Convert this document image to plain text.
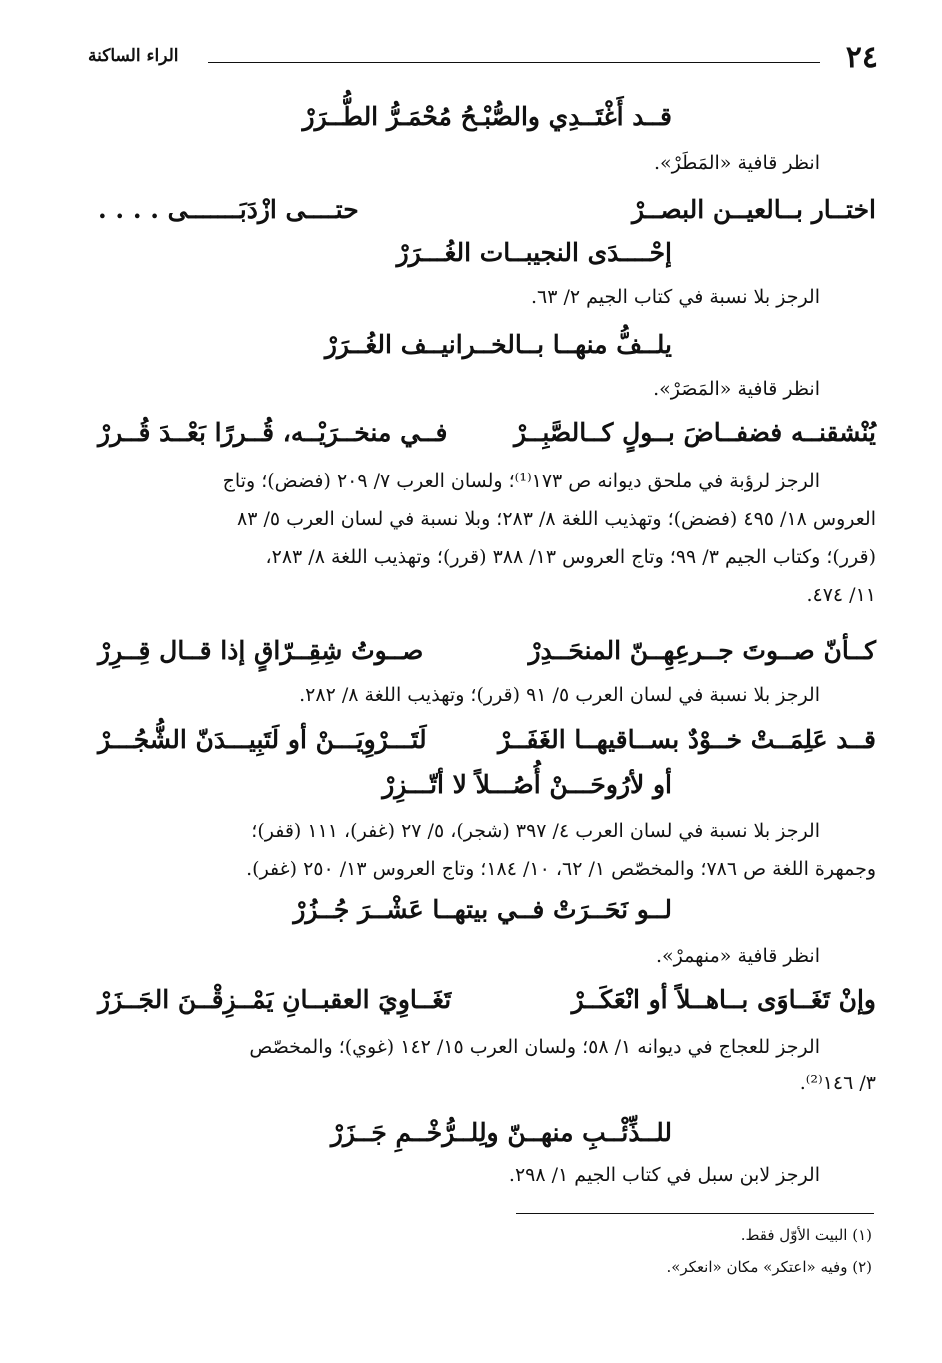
٢٤
الراء الساكنة
قــد أَغْتَــدِي والصُّبْـحُ مُحْمَـرُّ الطُّــرَرْ
انظر قافية «المَطَرْ».
اختــار بــالعيــن البصــرْ
حتــــى ازْدَبَـــــــى . . . .
إحْــــدَى النجيبــات الغُـــرَرْ
الرجز بلا نسبة في كتاب الجيم ٢/ ٦٣.
يلــفُّ منهــا بــالخــرانيــف الغُــرَرْ
انظر قافية «المَصَرْ».
يُنْشقنــه فضفــاضَ بــولٍ كــالصَّبِــرْ
فــي منخــرَيْــه، قُــررًا بَعْــدَ قُــررْ
الرجز لرؤبة في ملحق ديوانه ص ١٧٣⁽¹⁾؛ ولسان العرب ٧/ ٢٠٩ (فضض)؛ وتاج
العروس ١٨/ ٤٩٥ (فضض)؛ وتهذيب اللغة ٨/ ٢٨٣؛ وبلا نسبة في لسان العرب ٥/ ٨٣
(قرر)؛ وكتاب الجيم ٣/ ٩٩؛ وتاج العروس ١٣/ ٣٨٨ (قرر)؛ وتهذيب اللغة ٨/ ٢٨٣،
١١/ ٤٧٤.
كــأنّ صــوتَ جــرعِهِــنّ المنحَــدِرْ
صــوتُ شِقِــرّاقٍ إذا قــال قِــرِرْ
الرجز بلا نسبة في لسان العرب ٥/ ٩١ (قرر)؛ وتهذيب اللغة ٨/ ٢٨٢.
قــد عَلِمَــتْ خــوْدٌ بســاقيهــا الغَفَــرْ
لَتَـــرْوِيَـــنْ أو لَتَبِيـــدَنّ الشُّجُـــرْ
أو لأرُوحَـــنْ أُصُـــلاً لا أتّـــزِرْ
الرجز بلا نسبة في لسان العرب ٤/ ٣٩٧ (شجر)، ٥/ ٢٧ (غفر)، ١١١ (قفر)؛
وجمهرة اللغة ص ٧٨٦؛ والمخصّص ١/ ٦٢، ١٠/ ١٨٤؛ وتاج العروس ١٣/ ٢٥٠ (غفر).
لــو نَحَــرَتْ فــي بيتهــا عَشْــرَ جُــزُرْ
انظر قافية «منهمرْ».
وإنْ تَغَــاوَى بــاهــلاً أو انْعَكَــرْ
تَغَــاوِيَ العقبــانِ يَمْــزِقْــنَ الجَــزَرْ
الرجز للعجاج في ديوانه ١/ ٥٨؛ ولسان العرب ١٥/ ١٤٢ (غوي)؛ والمخصّص
٣/ ١٤٦⁽²⁾.
للــذِّئْــبِ منهــنّ ولِلــرُّخْــمِ جَــزَرْ
الرجز لابن سبل في كتاب الجيم ١/ ٢٩٨.
(١) البيت الأوّل فقط.
(٢) وفيه «اعتكر» مكان «انعكر».
